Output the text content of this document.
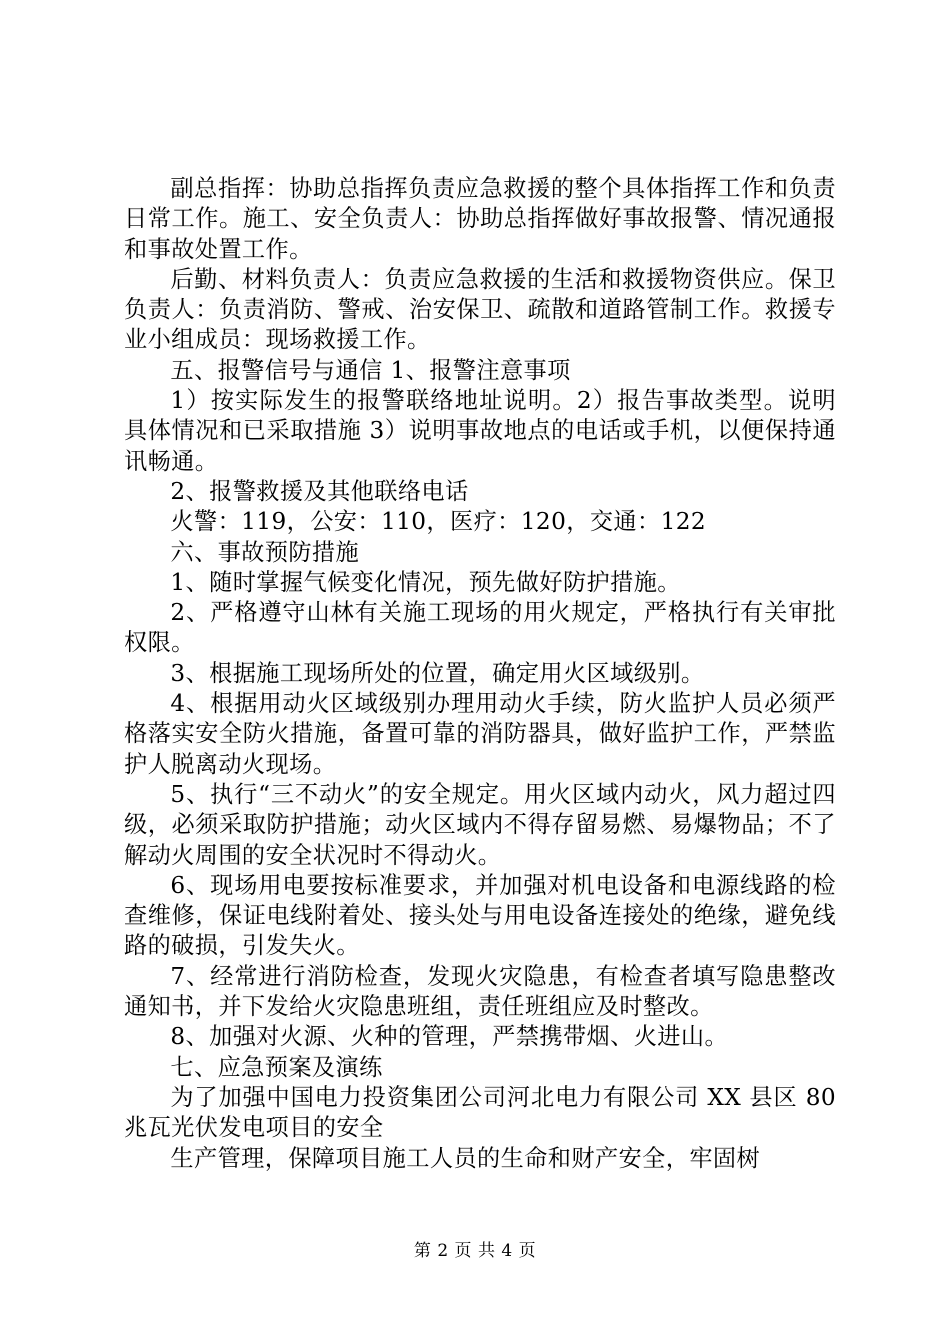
副总指挥：协助总指挥负责应急救援的整个具体指挥工作和负责日常工作。施工、安全负责人：协助总指挥做好事故报警、情况通报和事故处置工作。

后勤、材料负责人：负责应急救援的生活和救援物资供应。保卫负责人：负责消防、警戒、治安保卫、疏散和道路管制工作。救援专业小组成员：现场救援工作。

五、报警信号与通信 1、报警注意事项

1）按实际发生的报警联络地址说明。2）报告事故类型。说明具体情况和已采取措施 3）说明事故地点的电话或手机，以便保持通讯畅通。

2、报警救援及其他联络电话

火警：119，公安：110，医疗：120，交通：122

六、事故预防措施

1、随时掌握气候变化情况，预先做好防护措施。

2、严格遵守山林有关施工现场的用火规定，严格执行有关审批权限。

3、根据施工现场所处的位置，确定用火区域级别。

4、根据用动火区域级别办理用动火手续，防火监护人员必须严格落实安全防火措施，备置可靠的消防器具，做好监护工作，严禁监护人脱离动火现场。

5、执行“三不动火”的安全规定。用火区域内动火，风力超过四级，必须采取防护措施；动火区域内不得存留易燃、易爆物品；不了解动火周围的安全状况时不得动火。

6、现场用电要按标准要求，并加强对机电设备和电源线路的检查维修，保证电线附着处、接头处与用电设备连接处的绝缘，避免线路的破损，引发失火。

7、经常进行消防检查，发现火灾隐患，有检查者填写隐患整改通知书，并下发给火灾隐患班组，责任班组应及时整改。

8、加强对火源、火种的管理，严禁携带烟、火进山。

七、应急预案及演练

为了加强中国电力投资集团公司河北电力有限公司 XX 县区 80 兆瓦光伏发电项目的安全

生产管理，保障项目施工人员的生命和财产安全，牢固树

第 2 页 共 4 页
